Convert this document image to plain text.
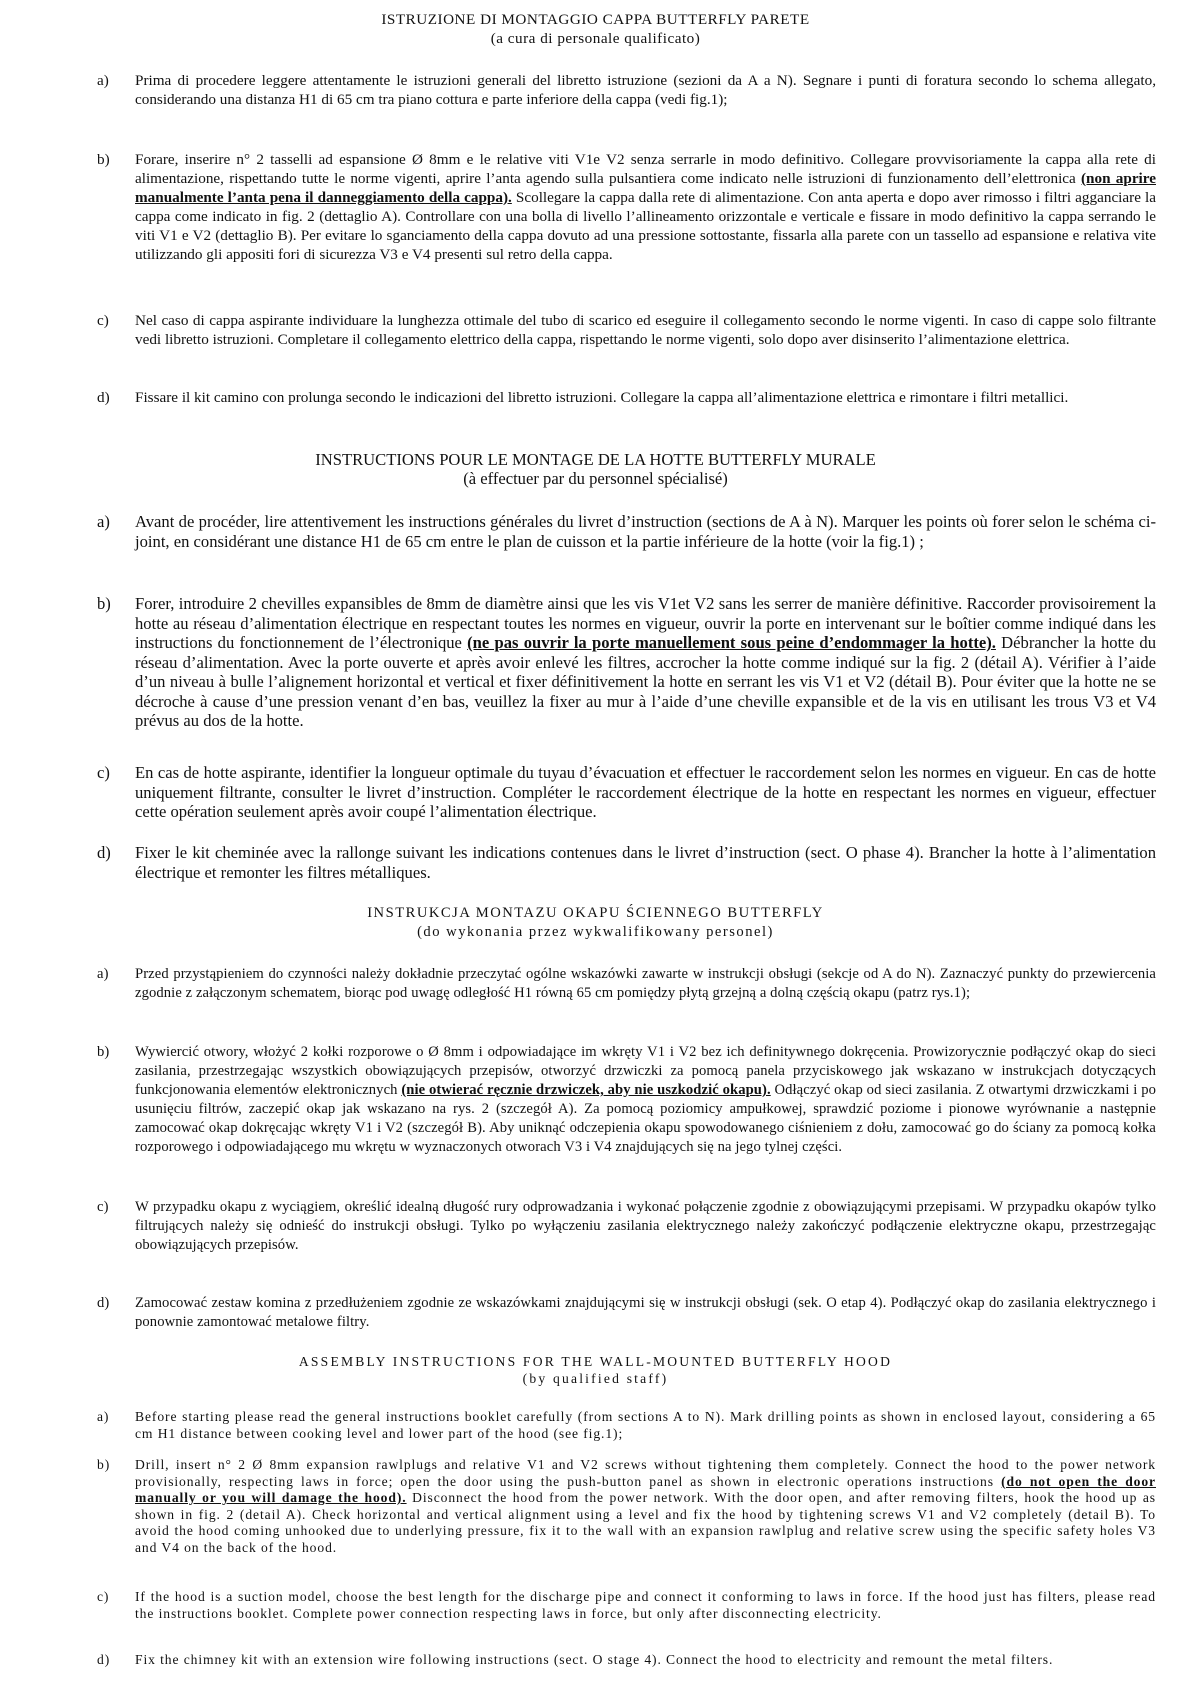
ISTRUZIONE DI MONTAGGIO CAPPA BUTTERFLY PARETE
(a cura di personale qualificato)
a) Prima di procedere leggere attentamente le istruzioni generali del libretto istruzione (sezioni da A a N). Segnare i punti di foratura secondo lo schema allegato, considerando una distanza H1 di 65 cm tra piano cottura e parte inferiore della cappa (vedi fig.1);
b) Forare, inserire n° 2 tasselli ad espansione Ø 8mm e le relative viti V1e V2 senza serrarle in modo definitivo. Collegare provvisoriamente la cappa alla rete di alimentazione, rispettando tutte le norme vigenti, aprire l’anta agendo sulla pulsantiera come indicato nelle istruzioni di funzionamento dell’elettronica (non aprire manualmente l’anta pena il danneggiamento della cappa). Scollegare la cappa dalla rete di alimentazione. Con anta aperta e dopo aver rimosso i filtri agganciare la cappa come indicato in fig. 2 (dettaglio A). Controllare con una bolla di livello l’allineamento orizzontale e verticale e fissare in modo definitivo la cappa serrando le viti V1 e V2 (dettaglio B). Per evitare lo sganciamento della cappa dovuto ad una pressione sottostante, fissarla alla parete con un tassello ad espansione e relativa vite utilizzando gli appositi fori di sicurezza V3 e V4 presenti sul retro della cappa.
c) Nel caso di cappa aspirante individuare la lunghezza ottimale del tubo di scarico ed eseguire il collegamento secondo le norme vigenti. In caso di cappe solo filtrante vedi libretto istruzioni. Completare il collegamento elettrico della cappa, rispettando le norme vigenti, solo dopo aver disinserito l’alimentazione elettrica.
d) Fissare il kit camino con prolunga secondo le indicazioni del libretto istruzioni. Collegare la cappa all’alimentazione elettrica e rimontare i filtri metallici.
INSTRUCTIONS POUR LE MONTAGE DE LA HOTTE BUTTERFLY MURALE
(à effectuer par du personnel spécialisé)
a) Avant de procéder, lire attentivement les instructions générales du livret d’instruction (sections de A à N). Marquer les points où forer selon le schéma ci-joint, en considérant une distance H1 de 65 cm entre le plan de cuisson et la partie inférieure de la hotte (voir la fig.1) ;
b) Forer, introduire 2 chevilles expansibles de 8mm de diamètre ainsi que les vis V1et V2 sans les serrer de manière définitive. Raccorder provisoirement la hotte au réseau d’alimentation électrique en respectant toutes les normes en vigueur, ouvrir la porte en intervenant sur le boîtier comme indiqué dans les instructions du fonctionnement de l’électronique (ne pas ouvrir la porte manuellement sous peine d’endommager la hotte). Débrancher la hotte du réseau d’alimentation. Avec la porte ouverte et après avoir enlevé les filtres, accrocher la hotte comme indiqué sur la fig. 2 (détail A). Vérifier à l’aide d’un niveau à bulle l’alignement horizontal et vertical et fixer définitivement la hotte en serrant les vis V1 et V2 (détail B). Pour éviter que la hotte ne se décroche à cause d’une pression venant d’en bas, veuillez la fixer au mur à l’aide d’une cheville expansible et de la vis en utilisant les trous V3 et V4 prévus au dos de la hotte.
c) En cas de hotte aspirante, identifier la longueur optimale du tuyau d’évacuation et effectuer le raccordement selon les normes en vigueur. En cas de hotte uniquement filtrante, consulter le livret d’instruction. Compléter le raccordement électrique de la hotte en respectant les normes en vigueur, effectuer cette opération seulement après avoir coupé l’alimentation électrique.
d) Fixer le kit cheminée avec la rallonge suivant les indications contenues dans le livret d’instruction (sect. O phase 4). Brancher la hotte à l’alimentation électrique et remonter les filtres métalliques.
INSTRUKCJA MONTAZU OKAPU ŚCIENNEGO BUTTERFLY
(do wykonania przez wykwalifikowany personel)
a) Przed przystąpieniem do czynności należy dokładnie przeczytać ogólne wskazówki zawarte w instrukcji obsługi (sekcje od A do N). Zaznaczyć punkty do przewiercenia zgodnie z załączonym schematem, biorąc pod uwagę odległość H1 równą 65 cm pomiędzy płytą grzejną a dolną częścią okapu (patrz rys.1);
b) Wywiercić otwory, włożyć 2 kołki rozporowe o Ø 8mm i odpowiadające im wkręty V1 i V2 bez ich definitywnego dokręcenia. Prowizorycznie podłączyć okap do sieci zasilania, przestrzegając wszystkich obowiązujących przepisów, otworzyć drzwiczki za pomocą panela przyciskowego jak wskazano w instrukcjach dotyczących funkcjonowania elementów elektronicznych (nie otwierać ręcznie drzwiczek, aby nie uszkodzić okapu). Odłączyć okap od sieci zasilania. Z otwartymi drzwiczkami i po usunięciu filtrów, zaczepić okap jak wskazano na rys. 2 (szczegół A). Za pomocą poziomicy ampułkowej, sprawdzić poziome i pionowe wyrównanie a następnie zamocować okap dokręcając wkręty V1 i V2 (szczegół B). Aby uniknąć odczepienia okapu spowodowanego ciśnieniem z dołu, zamocować go do ściany za pomocą kołka rozporowego i odpowiadającego mu wkrętu w wyznaczonych otworach V3 i V4 znajdujących się na jego tylnej części.
c) W przypadku okapu z wyciągiem, określić idealną długość rury odprowadzania i wykonać połączenie zgodnie z obowiązującymi przepisami. W przypadku okapów tylko filtrujących należy się odnieść do instrukcji obsługi. Tylko po wyłączeniu zasilania elektrycznego należy zakończyć podłączenie elektryczne okapu, przestrzegając obowiązujących przepisów.
d) Zamocować zestaw komina z przedłużeniem zgodnie ze wskazówkami znajdującymi się w instrukcji obsługi (sek. O etap 4). Podłączyć okap do zasilania elektrycznego i ponownie zamontować metalowe filtry.
ASSEMBLY INSTRUCTIONS FOR THE WALL-MOUNTED BUTTERFLY HOOD
(by qualified staff)
a) Before starting please read the general instructions booklet carefully (from sections A to N). Mark drilling points as shown in enclosed layout, considering a 65 cm H1 distance between cooking level and lower part of the hood (see fig.1);
b) Drill, insert n° 2 Ø 8mm expansion rawlplugs and relative V1 and V2 screws without tightening them completely. Connect the hood to the power network provisionally, respecting laws in force; open the door using the push-button panel as shown in electronic operations instructions (do not open the door manually or you will damage the hood). Disconnect the hood from the power network. With the door open, and after removing filters, hook the hood up as shown in fig. 2 (detail A). Check horizontal and vertical alignment using a level and fix the hood by tightening screws V1 and V2 completely (detail B). To avoid the hood coming unhooked due to underlying pressure, fix it to the wall with an expansion rawlplug and relative screw using the specific safety holes V3 and V4 on the back of the hood.
c) If the hood is a suction model, choose the best length for the discharge pipe and connect it conforming to laws in force. If the hood just has filters, please read the instructions booklet. Complete power connection respecting laws in force, but only after disconnecting electricity.
d) Fix the chimney kit with an extension wire following instructions (sect. O stage 4). Connect the hood to electricity and remount the metal filters.
